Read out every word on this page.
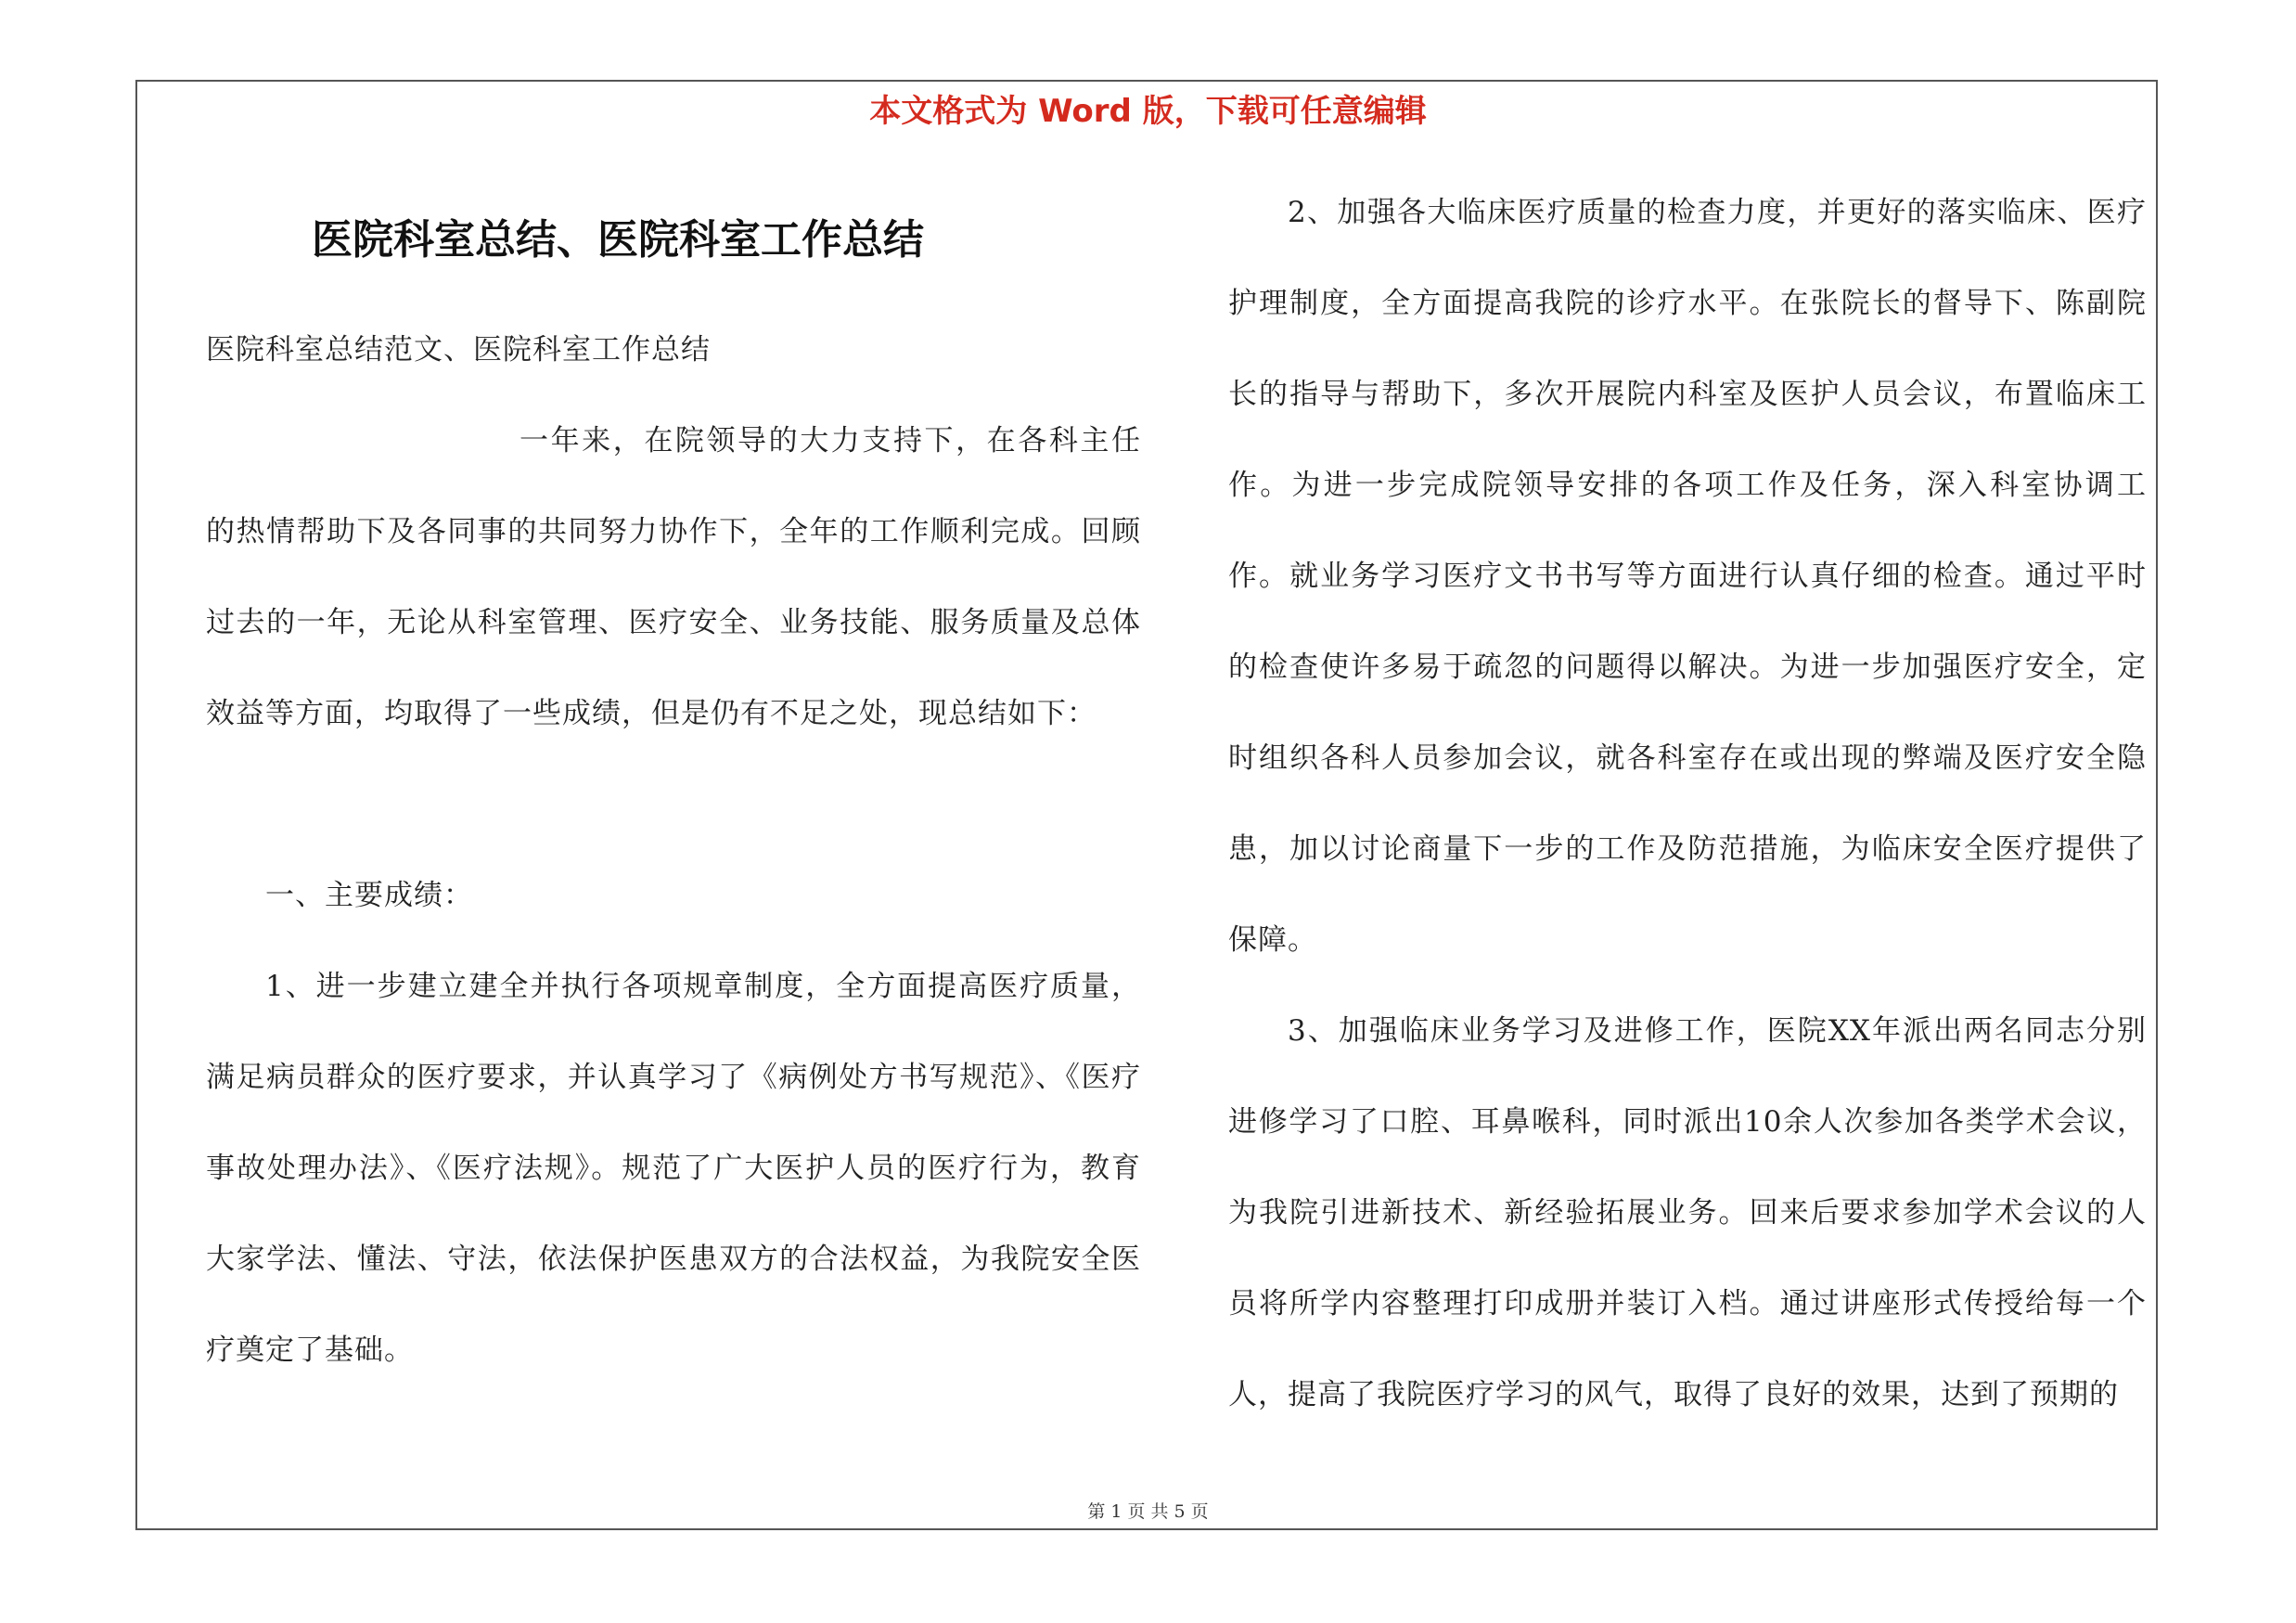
本文格式为 Word 版，下载可任意编辑
医院科室总结、医院科室工作总结

医院科室总结范文、医院科室工作总结

一年来，在院领导的大力支持下，在各科主任的热情帮助下及各同事的共同努力协作下，全年的工作顺利完成。回顾过去的一年，无论从科室管理、医疗安全、业务技能、服务质量及总体效益等方面，均取得了一些成绩，但是仍有不足之处，现总结如下：

一、主要成绩：

1、进一步建立建全并执行各项规章制度，全方面提高医疗质量，满足病员群众的医疗要求，并认真学习了《病例处方书写规范》、《医疗事故处理办法》、《医疗法规》。规范了广大医护人员的医疗行为，教育大家学法、懂法、守法，依法保护医患双方的合法权益，为我院安全医疗奠定了基础。

2、加强各大临床医疗质量的检查力度，并更好的落实临床、医疗护理制度，全方面提高我院的诊疗水平。在张院长的督导下、陈副院长的指导与帮助下，多次开展院内科室及医护人员会议，布置临床工作。为进一步完成院领导安排的各项工作及任务，深入科室协调工作。就业务学习医疗文书书写等方面进行认真仔细的检查。通过平时的检查使许多易于疏忽的问题得以解决。为进一步加强医疗安全，定时组织各科人员参加会议，就各科室存在或出现的弊端及医疗安全隐患，加以讨论商量下一步的工作及防范措施，为临床安全医疗提供了保障。

3、加强临床业务学习及进修工作，医院XX年派出两名同志分别进修学习了口腔、耳鼻喉科，同时派出10余人次参加各类学术会议，为我院引进新技术、新经验拓展业务。回来后要求参加学术会议的人员将所学内容整理打印成册并装订入档。通过讲座形式传授给每一个人，提高了我院医疗学习的风气，取得了良好的效果，达到了预期的

第 1 页 共 5 页
